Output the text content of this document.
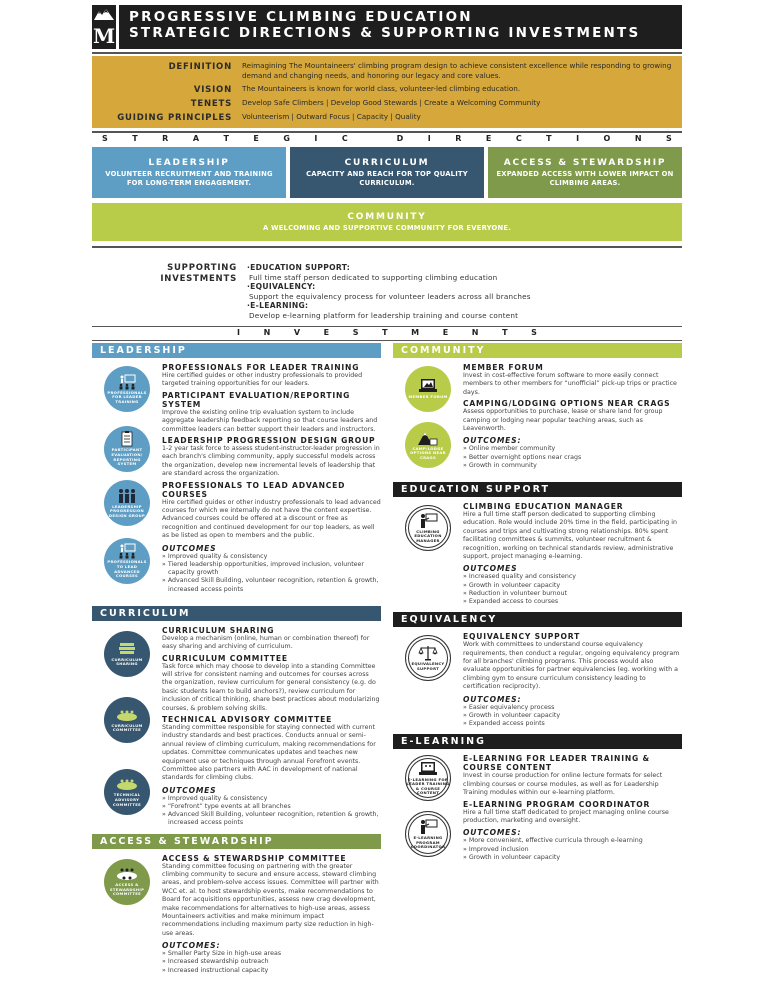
M
PROGRESSIVE CLIMBING EDUCATION
STRATEGIC DIRECTIONS & SUPPORTING INVESTMENTS
DEFINITION	Reimagining The Mountaineers' climbing program design to achieve consistent excellence while responding to growing demand and changing needs, and honoring our legacy and core values.
VISION	The Mountaineers is known for world class, volunteer-led climbing education.
TENETS	Develop Safe Climbers | Develop Good Stewards | Create a Welcoming Community
GUIDING PRINCIPLES	Volunteerism | Outward Focus | Capacity | Quality
S	T	R	A	T	E	G	I	C	D	I	R	E	C	T	I	O	N	S
LEADERSHIP
VOLUNTEER RECRUITMENT AND TRAINING FOR LONG-TERM ENGAGEMENT.
CURRICULUM
CAPACITY AND REACH FOR TOP QUALITY CURRICULUM.
ACCESS & STEWARDSHIP
EXPANDED ACCESS WITH LOWER IMPACT ON CLIMBING AREAS.
COMMUNITY
A WELCOMING AND SUPPORTIVE COMMUNITY FOR EVERYONE.
SUPPORTING
INVESTMENTS
·EDUCATION SUPPORT:
Full time staff person dedicated to supporting climbing education
·EQUIVALENCY:
Support the equivalency process for volunteer leaders across all branches
·E-LEARNING:
Develop e-learning platform for leadership training and course content
I	N	V	E	S	T	M	E	N	T	S
LEADERSHIP
PROFESSIONALS FOR LEADER TRAINING
PARTICIPANT EVALUATION/ REPORTING SYSTEM
LEADERSHIP PROGRESSION DESIGN GROUP
PROFESSIONALS TO LEAD ADVANCED COURSES
PROFESSIONALS FOR LEADER TRAINING
Hire certified guides or other industry professionals to provided targeted training opportunities for our leaders.
PARTICIPANT EVALUATION/REPORTING SYSTEM
Improve the existing online trip evaluation system to include aggregate leadership feedback reporting so that course leaders and committee leaders can better support their leaders and instructors.
LEADERSHIP PROGRESSION DESIGN GROUP
1-2 year task force to assess student-instructor-leader progression in each branch's climbing community, apply successful models across the organization, develop new incremental levels of leadership that are standard across the organization.
PROFESSIONALS TO LEAD ADVANCED COURSES
Hire certified guides or other industry professionals to lead advanced courses for which we internally do not have the content expertise. Advanced courses could be offered at a discount or free as recognition and continued development for our top leaders, as well as be listed as open to members and the public.
OUTCOMES
» Improved quality & consistency
» Tiered leadership opportunities, improved inclusion, volunteer capacity growth
» Advanced Skill Building, volunteer recognition, retention & growth, increased access points
CURRICULUM
CURRICULUM SHARING
CURRICULUM COMMITTEE
TECHNICAL ADVISORY COMMITTEE
CURRICULUM SHARING
Develop a mechanism (online, human or combination thereof) for easy sharing and archiving of curriculum.
CURRICULUM COMMITTEE
Task force which may choose to develop into a standing Committee will strive for consistent naming and outcomes for courses across the organization, review curriculum for general consistency (e.g. do basic students learn to build anchors?), review curriculum for inclusion of critical thinking, share best practices about modularizing courses, & problem solving skills.
TECHNICAL ADVISORY COMMITTEE
Standing committee responsible for staying connected with current industry standards and best practices. Conducts annual or semi-annual review of climbing curriculum, making recommendations for updates. Committee communicates updates and teaches new equipment use or techniques through annual Forefront events. Committee also partners with AAC in development of national standards for climbing clubs.
OUTCOMES
» Improved quality & consistency
» “Forefront” type events at all branches
» Advanced Skill Building, volunteer recognition, retention & growth, increased access points
ACCESS & STEWARDSHIP
ACCESS & STEWARDSHIP COMMITTEE
ACCESS & STEWARDSHIP COMMITTEE
Standing committee focusing on partnering with the greater climbing community to secure and ensure access, steward climbing areas, and problem-solve access issues. Committee will partner with WCC et. al. to host stewardship events, make recommendations to Board for acquisitions opportunities, assess new crag development, make recommendations for alternatives to high-use areas, assess Mountaineers activities and make minimum impact recommendations including maximum party size reduction in high-use areas.
OUTCOMES:
» Smaller Party Size in high-use areas
» Increased stewardship outreach
» Increased instructional capacity
COMMUNITY
MEMBER FORUM
CAMP/LODGE OPTIONS NEAR CRAGS
MEMBER FORUM
Invest in cost-effective forum software to more easily connect members to other members for “unofficial” pick-up trips or practice days.
CAMPING/LODGING OPTIONS NEAR CRAGS
Assess opportunities to purchase, lease or share land for group camping or lodging near popular teaching areas, such as Leavenworth.
OUTCOMES:
» Online member community
» Better overnight options near crags
» Growth in community
EDUCATION SUPPORT
CLIMBING EDUCATION MANAGER
CLIMBING EDUCATION MANAGER
Hire a full time staff person dedicated to supporting climbing education. Role would include 20% time in the field, participating in courses and trips and cultivating strong relationships. 80% spent facilitating committees & summits, volunteer recruitment & recognition, working on technical standards review, administrative support, project managing e-learning.
OUTCOMES
» Increased quality and consistency
» Growth in volunteer capacity
» Reduction in volunteer burnout
» Expanded access to courses
EQUIVALENCY
EQUIVALENCY SUPPORT
EQUIVALENCY SUPPORT
Work with committees to understand course equivalency requirements, then conduct a regular, ongoing equivalency program for all branches' climbing programs. This process would also evaluate opportunities for partner equivalencies (eg. working with a climbing gym to ensure curriculum consistency leading to certification reciprocity).
OUTCOMES:
» Easier equivalency process
» Growth in volunteer capacity
» Expanded access points
E-LEARNING
E-LEARNING FOR LEADER TRAINING & COURSE CONTENT
E-LEARNING PROGRAM COORDINATOR
E-LEARNING FOR LEADER TRAINING & COURSE CONTENT
Invest in course production for online lecture formats for select climbing courses or course modules, as well as for Leadership Training modules within our e-learning platform.
E-LEARNING PROGRAM COORDINATOR
Hire a full time staff dedicated to project managing online course production, marketing and oversight.
OUTCOMES:
» More convenient, effective curricula through e-learning
» Improved inclusion
» Growth in volunteer capacity
